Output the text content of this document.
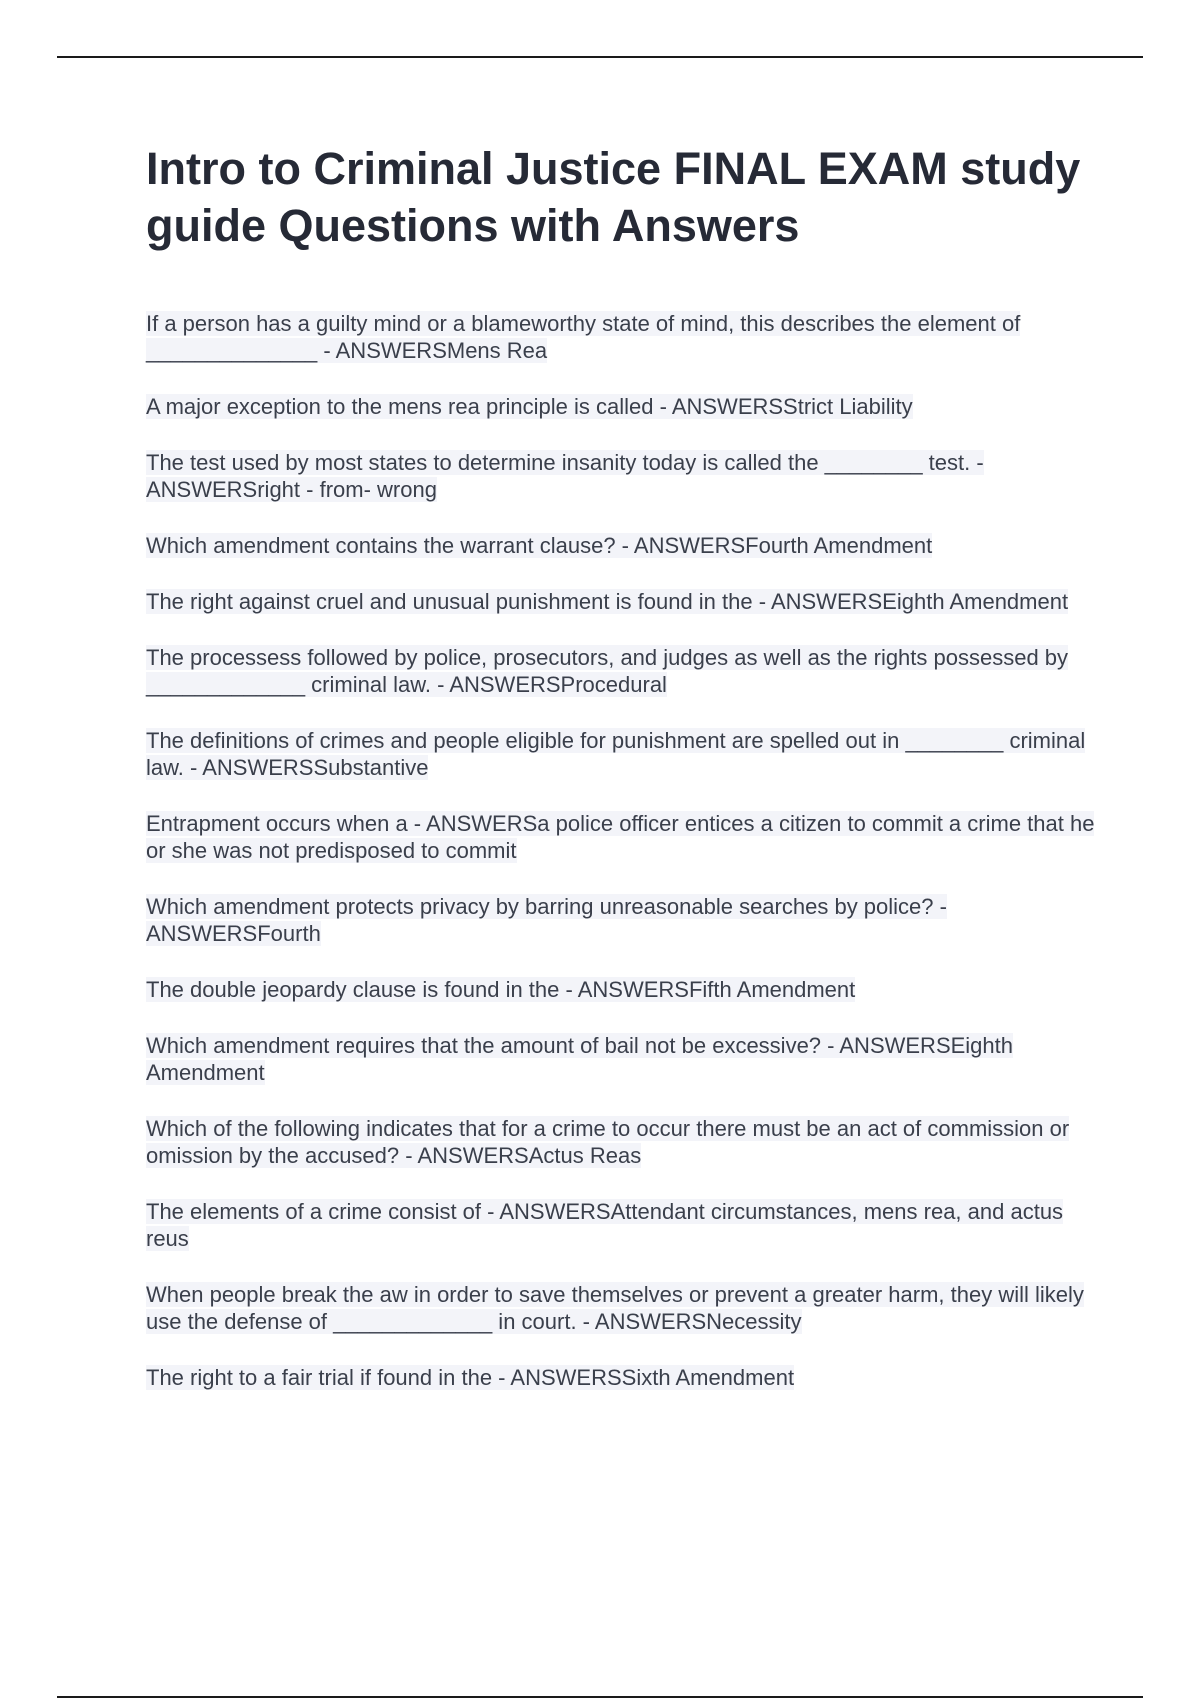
Intro to Criminal Justice FINAL EXAM study guide Questions with Answers

If a person has a guilty mind or a blameworthy state of mind, this describes the element of ______________ - ANSWERSMens Rea

A major exception to the mens rea principle is called - ANSWERSStrict Liability

The test used by most states to determine insanity today is called the ________ test. - ANSWERSright - from- wrong

Which amendment contains the warrant clause? - ANSWERSFourth Amendment

The right against cruel and unusual punishment is found in the - ANSWERSEighth Amendment

The processess followed by police, prosecutors, and judges as well as the rights possessed by _____________ criminal law. - ANSWERSProcedural

The definitions of crimes and people eligible for punishment are spelled out in ________ criminal law. - ANSWERSSubstantive

Entrapment occurs when a - ANSWERSa police officer entices a citizen to commit a crime that he or she was not predisposed to commit

Which amendment protects privacy by barring unreasonable searches by police? - ANSWERSFourth

The double jeopardy clause is found in the - ANSWERSFifth Amendment

Which amendment requires that the amount of bail not be excessive? - ANSWERSEighth Amendment

Which of the following indicates that for a crime to occur there must be an act of commission or omission by the accused? - ANSWERSActus Reas

The elements of a crime consist of - ANSWERSAttendant circumstances, mens rea, and actus reus

When people break the aw in order to save themselves or prevent a greater harm, they will likely use the defense of _____________ in court. - ANSWERSNecessity

The right to a fair trial if found in the - ANSWERSSixth Amendment
